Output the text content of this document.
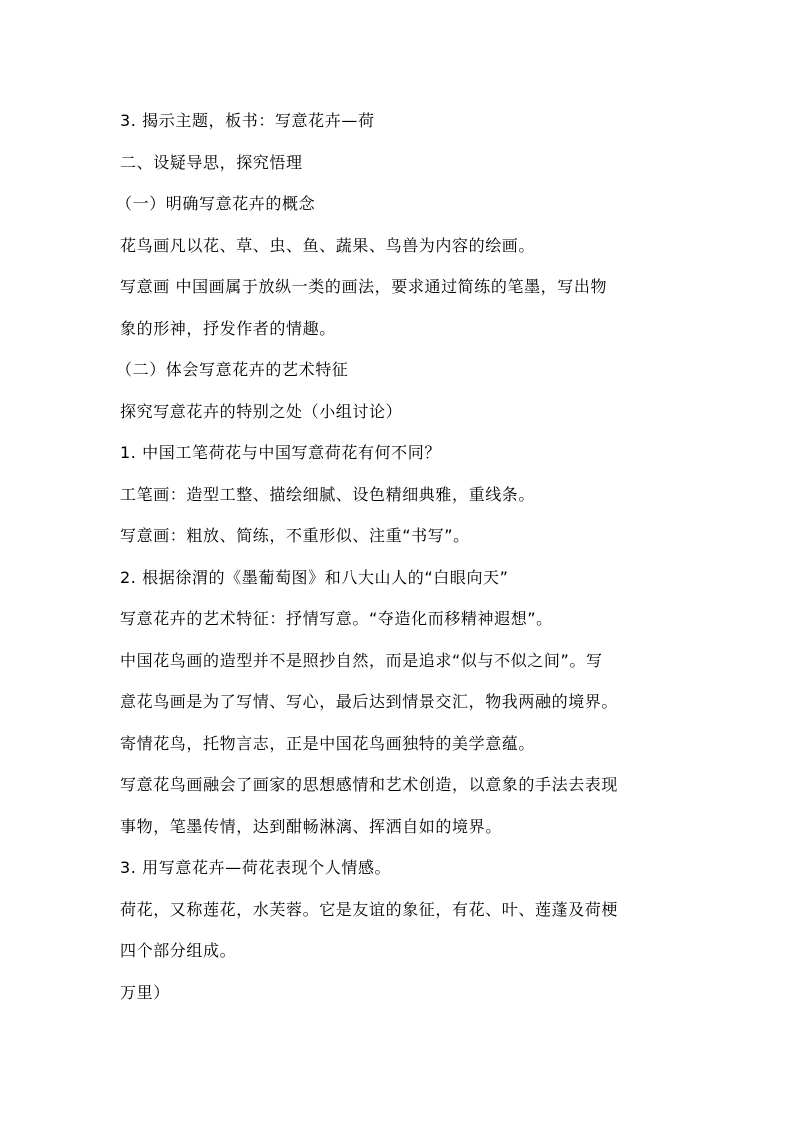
3. 揭示主题，板书：写意花卉—荷
二、设疑导思，探究悟理
（一）明确写意花卉的概念
花鸟画凡以花、草、虫、鱼、蔬果、鸟兽为内容的绘画。
写意画 中国画属于放纵一类的画法，要求通过简练的笔墨，写出物
象的形神，抒发作者的情趣。
（二）体会写意花卉的艺术特征
探究写意花卉的特别之处（小组讨论）
1. 中国工笔荷花与中国写意荷花有何不同？
工笔画：造型工整、描绘细腻、设色精细典雅，重线条。
写意画：粗放、简练，不重形似、注重“书写”。
2. 根据徐渭的《墨葡萄图》和八大山人的“白眼向天”
写意花卉的艺术特征：抒情写意。“夺造化而移精神遐想”。
中国花鸟画的造型并不是照抄自然，而是追求“似与不似之间”。写
意花鸟画是为了写情、写心，最后达到情景交汇，物我两融的境界。
寄情花鸟，托物言志，正是中国花鸟画独特的美学意蕴。
写意花鸟画融会了画家的思想感情和艺术创造，以意象的手法去表现
事物，笔墨传情，达到酣畅淋漓、挥洒自如的境界。
3. 用写意花卉—荷花表现个人情感。
荷花，又称莲花，水芙蓉。它是友谊的象征，有花、叶、莲蓬及荷梗
四个部分组成。
万里）
